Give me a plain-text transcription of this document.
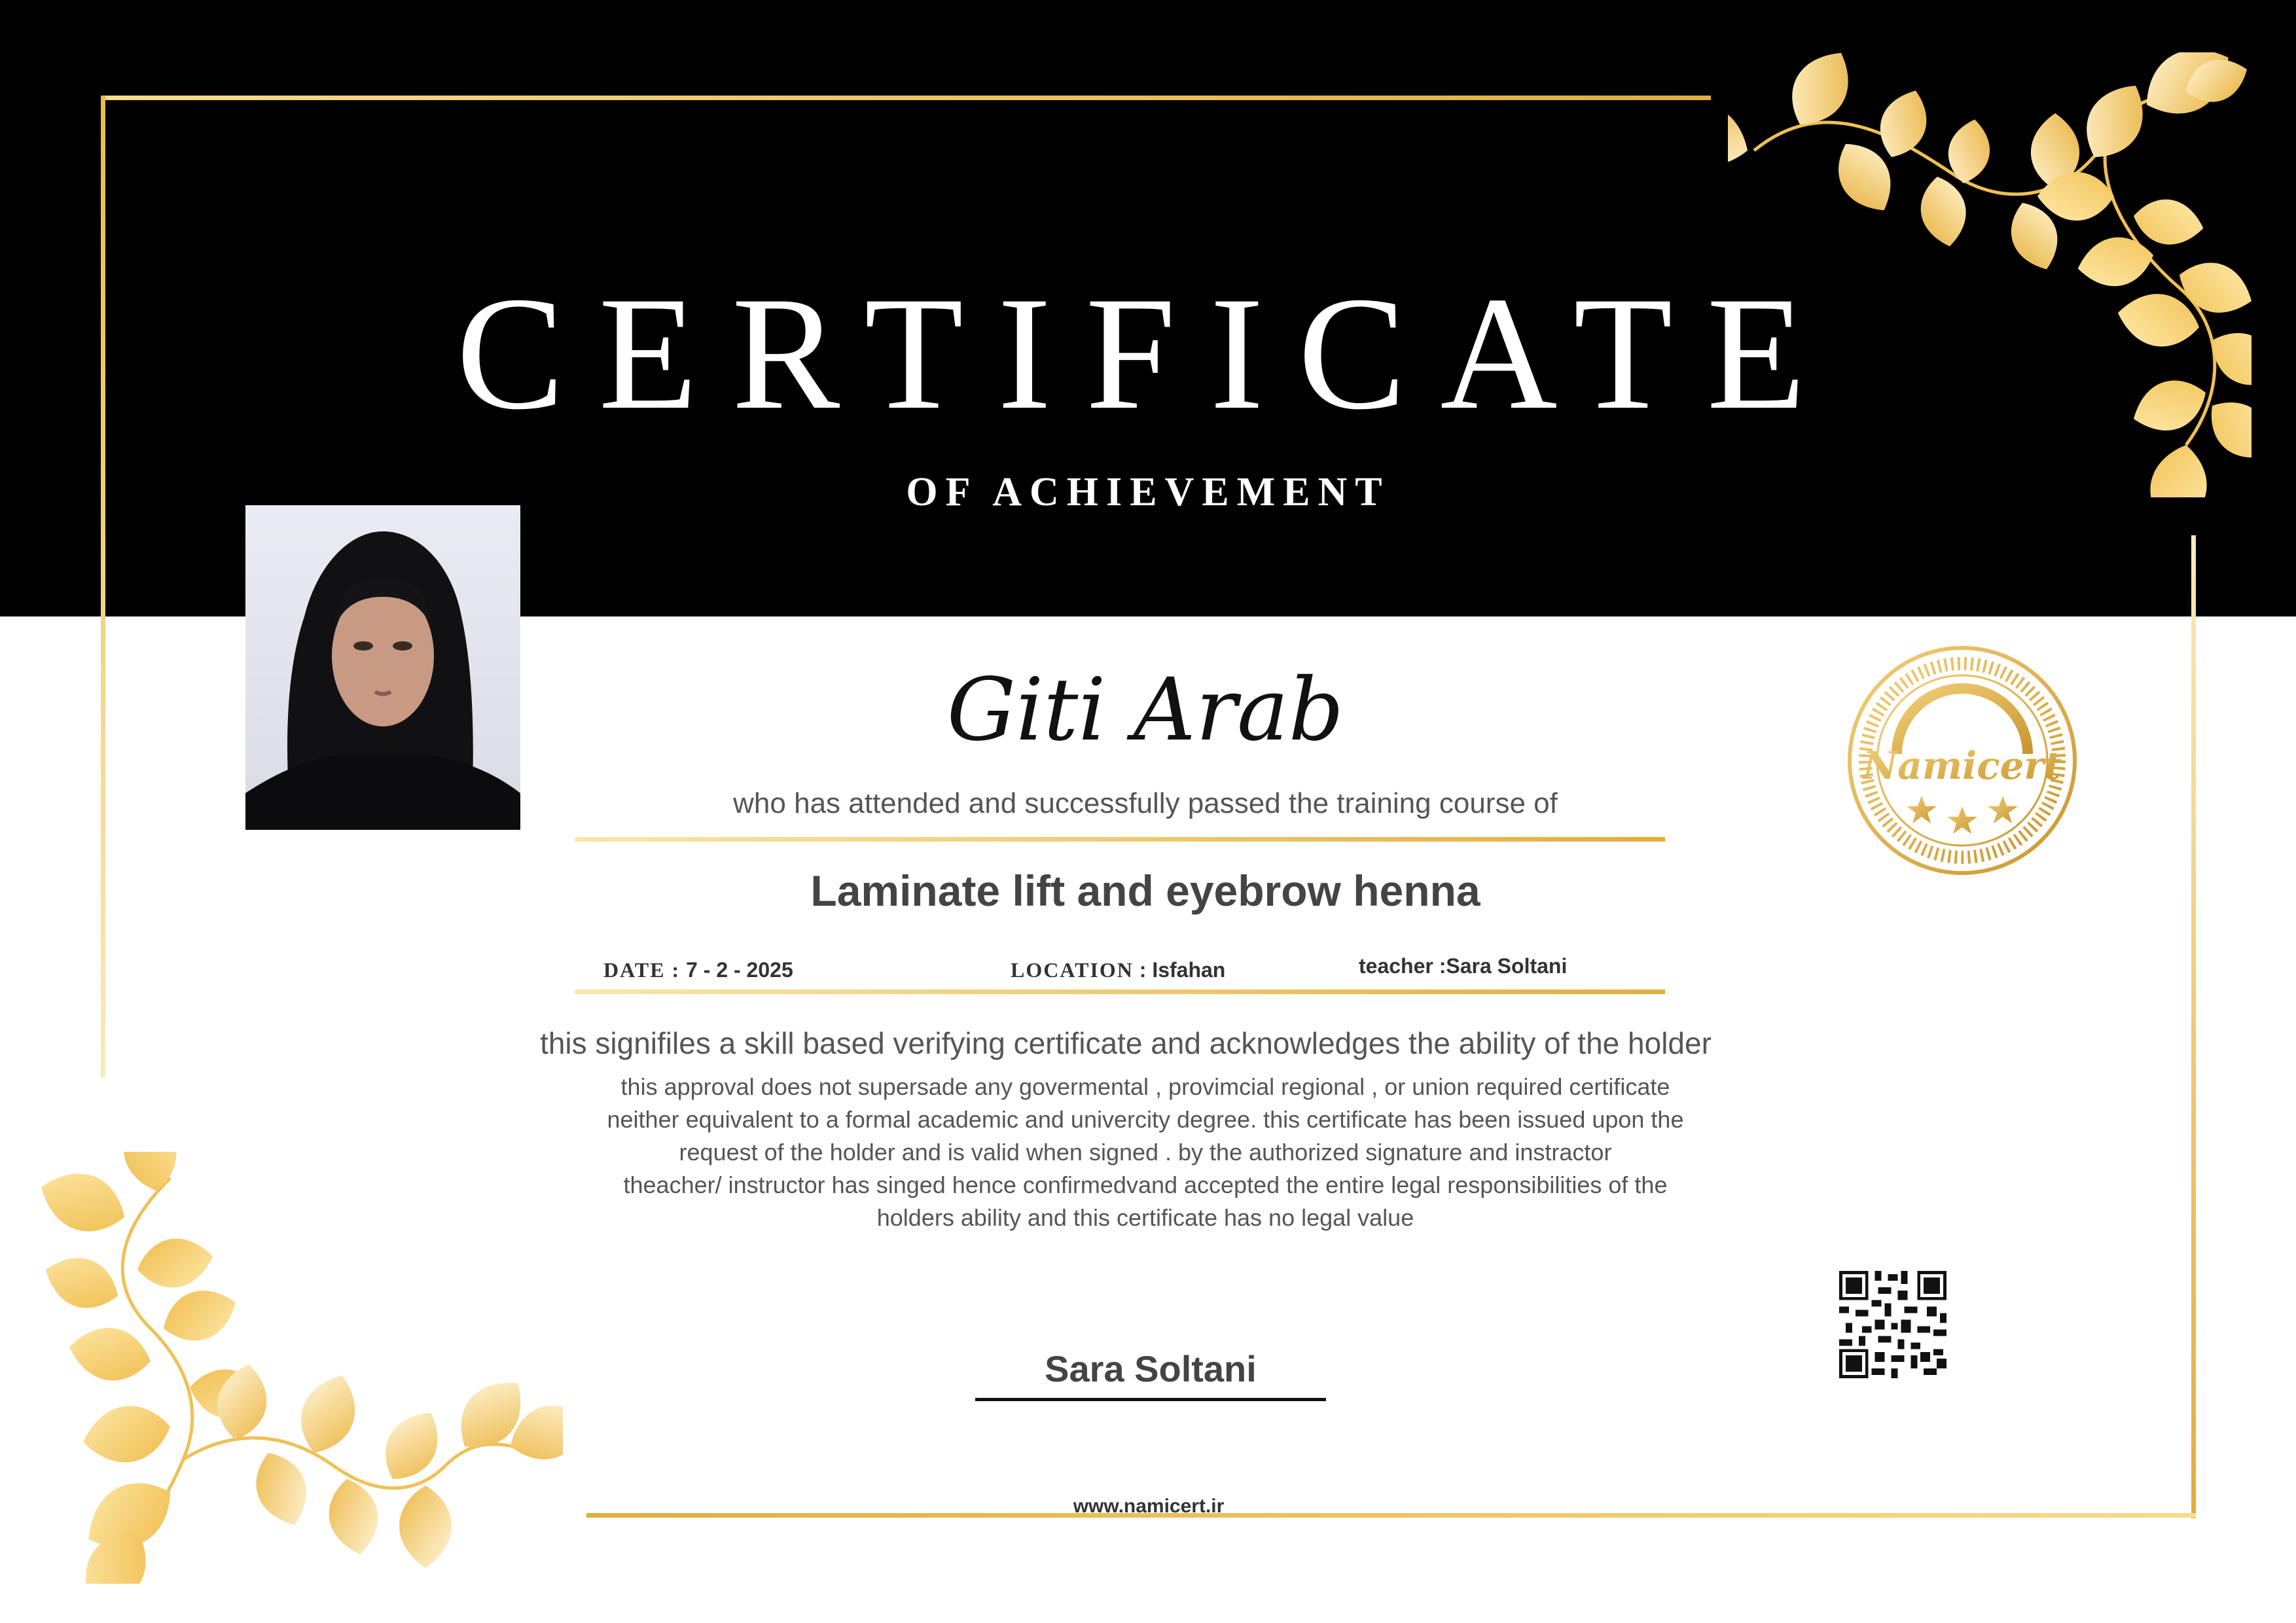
CERTIFICATE
OF ACHIEVEMENT
Giti Arab
who has attended and successfully passed the training course of
Laminate lift and eyebrow henna
DATE : 7 - 2 - 2025	LOCATION : Isfahan	teacher :Sara Soltani
this signifiles a skill based verifying certificate and acknowledges the ability of the holder
this approval does not supersade any govermental , provimcial regional , or union required certificate
neither equivalent to a formal academic and univercity degree. this certificate has been issued upon the
request of the holder and is valid when signed . by the authorized signature and instractor
theacher/ instructor has singed hence confirmedvand accepted the entire legal responsibilities of the
holders ability and this certificate has no legal value
Sara Soltani
www.namicert.ir
Namicert
